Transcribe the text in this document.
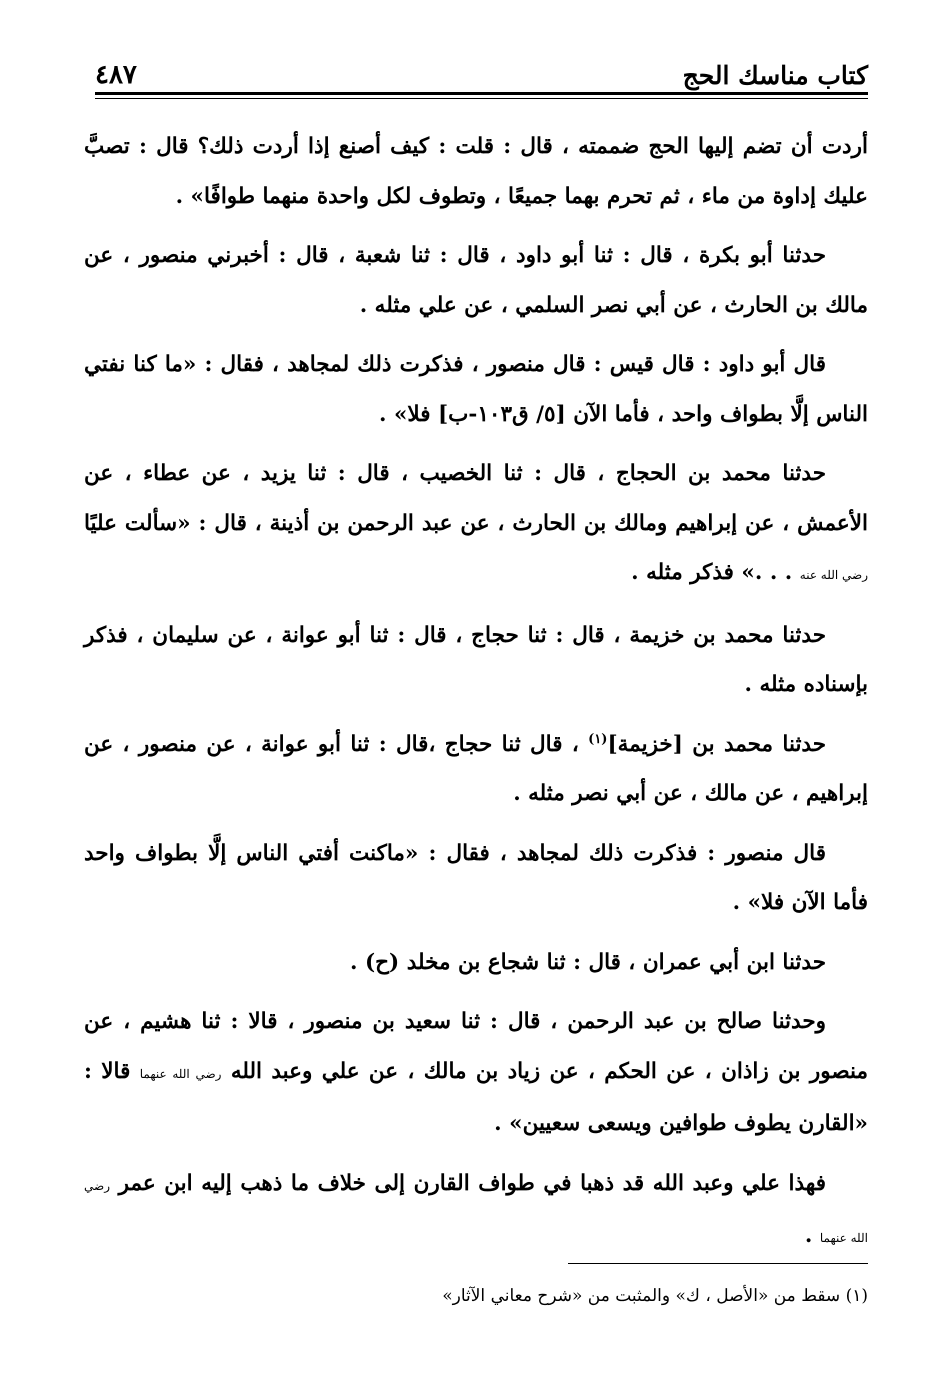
كتاب مناسك الحج
٤٨٧

أردت أن تضم إليها الحج ضممته ، قال : قلت : كيف أصنع إذا أردت ذلك؟ قال : تصبَّ عليك إداوة من ماء ، ثم تحرم بهما جميعًا ، وتطوف لكل واحدة منهما طوافًا» .

حدثنا أبو بكرة ، قال : ثنا أبو داود ، قال : ثنا شعبة ، قال : أخبرني منصور ، عن مالك بن الحارث ، عن أبي نصر السلمي ، عن علي مثله .

قال أبو داود : قال قيس : قال منصور ، فذكرت ذلك لمجاهد ، فقال : «ما كنا نفتي الناس إلَّا بطواف واحد ، فأما الآن [٥/ ق١٠٣-ب] فلا» .

حدثنا محمد بن الحجاج ، قال : ثنا الخصيب ، قال : ثنا يزيد ، عن عطاء ، عن الأعمش ، عن إبراهيم ومالك بن الحارث ، عن عبد الرحمن بن أذينة ، قال : «سألت عليًا رضي الله عنه . . .» فذكر مثله .

حدثنا محمد بن خزيمة ، قال : ثنا حجاج ، قال : ثنا أبو عوانة ، عن سليمان ، فذكر بإسناده مثله .

حدثنا محمد بن [خزيمة]$^{(١)}$ ، قال ثنا حجاج ،قال : ثنا أبو عوانة ، عن منصور ، عن إبراهيم ، عن مالك ، عن أبي نصر مثله .

قال منصور : فذكرت ذلك لمجاهد ، فقال : «ماكنت أفتي الناس إلَّا بطواف واحد فأما الآن فلا» .

حدثنا ابن أبي عمران ، قال : ثنا شجاع بن مخلد (ح) .

وحدثنا صالح بن عبد الرحمن ، قال : ثنا سعيد بن منصور ، قالا : ثنا هشيم ، عن منصور بن زاذان ، عن الحكم ، عن زياد بن مالك ، عن علي وعبد الله رضي الله عنهما قالا : «القارن يطوف طوافين ويسعى سعيين» .

فهذا علي وعبد الله قد ذهبا في طواف القارن إلى خلاف ما ذهب إليه ابن عمر رضي الله عنهما .

(١) سقط من «الأصل ، ك» والمثبت من «شرح معاني الآثار»
